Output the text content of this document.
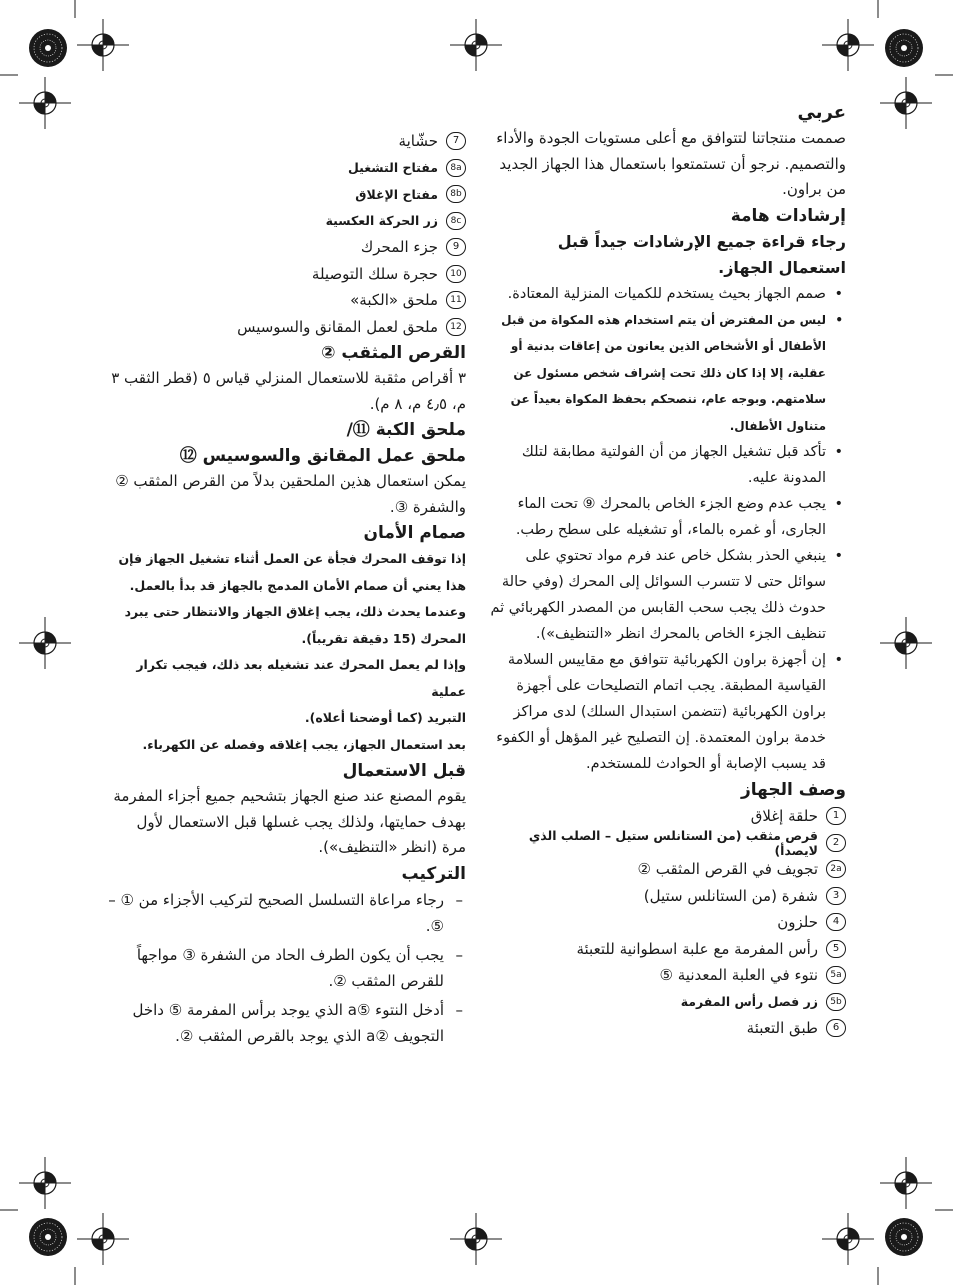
عربي

صممت منتجاتنا لتتوافق مع أعلى مستويات الجودة والأداء والتصميم. نرجو أن تستمتعوا باستعمال هذا الجهاز الجديد من براون.

إرشادات هامة
رجاء قراءة جميع الإرشادات جيداً قبل استعمال الجهاز.
• صمم الجهاز بحيث يستخدم للكميات المنزلية المعتادة.
• ليس من المفترض أن يتم استخدام هذه المكواة من قبل الأطفال أو الأشخاص الذين يعانون من إعاقات بدنية أو عقلية، إلا إذا كان ذلك تحت إشراف شخص مسئول عن سلامتهم. وبوجه عام، ننصحكم بحفظ المكواة بعيداً عن متناول الأطفال.
• تأكد قبل تشغيل الجهاز من أن الفولتية مطابقة لتلك المدونة عليه.
• يجب عدم وضع الجزء الخاص بالمحرك ⑨ تحت الماء الجارى، أو غمره بالماء، أو تشغيله على سطح رطب.
• ينبغي الحذر بشكل خاص عند فرم مواد تحتوي على سوائل حتى لا تتسرب السوائل إلى المحرك (وفي حالة حدوث ذلك يجب سحب القابس من المصدر الكهربائي ثم تنظيف الجزء الخاص بالمحرك انظر «التنظيف»).
• إن أجهزة براون الكهربائية تتوافق مع مقاييس السلامة القياسية المطبقة. يجب اتمام التصليحات على أجهزة براون الكهربائية (تتضمن استبدال السلك) لدى مراكز خدمة براون المعتمدة. إن التصليح غير المؤهل أو الكفوء قد يسبب الإصابة أو الحوادث للمستخدم.
وصف الجهاز
1
حلقة إغلاق
2
قرص مثقب (من الستانلس ستيل – الصلب الذي لايصدأ)
2a
تجويف في القرص المثقب ②
3
شفرة (من الستانلس ستيل)
4
حلزون
5
رأس المفرمة مع علبة اسطوانية للتعبئة
5a
نتوء في العلبة المعدنية ⑤
5b
زر فصل رأس المفرمة
6
طبق التعبئة
7
حشّاية
8a
مفتاح التشغيل
8b
مفتاح الإغلاق
8c
زر الحركة العكسية
9
جزء المحرك
10
حجرة سلك التوصيلة
11
ملحق «الكبة»
12
ملحق لعمل المقانق والسوسيس
القرص المثقب ②

٣ أقراص مثقبة للاستعمال المنزلي قياس ٥ (قطر الثقب ٣ م، ٤٫٥ م، ٨ م).

ملحق الكبة ⑪/
ملحق عمل المقانق والسوسيس ⑫

يمكن استعمال هذين الملحقين بدلاً من القرص المثقب ② والشفرة ③.

صمام الأمان

إذا توقف المحرك فجأة عن العمل أثناء تشغيل الجهاز فإن

هذا يعني أن صمام الأمان المدمج بالجهاز قد بدأ بالعمل.

وعندما يحدث ذلك، يجب إغلاق الجهاز والانتظار حتى يبرد

المحرك (15 دقيقة تقريباً).

وإذا لم يعمل المحرك عند تشغيله بعد ذلك، فيجب تكرار عملية

التبريد (كما أوضحنا أعلاه).

بعد استعمال الجهاز، يجب إغلاقه وفصله عن الكهرباء.

قبل الاستعمال

يقوم المصنع عند صنع الجهاز بتشحيم جميع أجزاء المفرمة بهدف حمايتها، ولذلك يجب غسلها قبل الاستعمال لأول مرة (انظر «التنظيف»).

التركيب
– رجاء مراعاة التسلسل الصحيح لتركيب الأجزاء من ① – ⑤.
– يجب أن يكون الطرف الحاد من الشفرة ③ مواجهاً للقرص المثقب ②.
– أدخل النتوء ⑤a الذي يوجد برأس المفرمة ⑤ داخل التجويف ②a الذي يوجد بالقرص المثقب ②.
